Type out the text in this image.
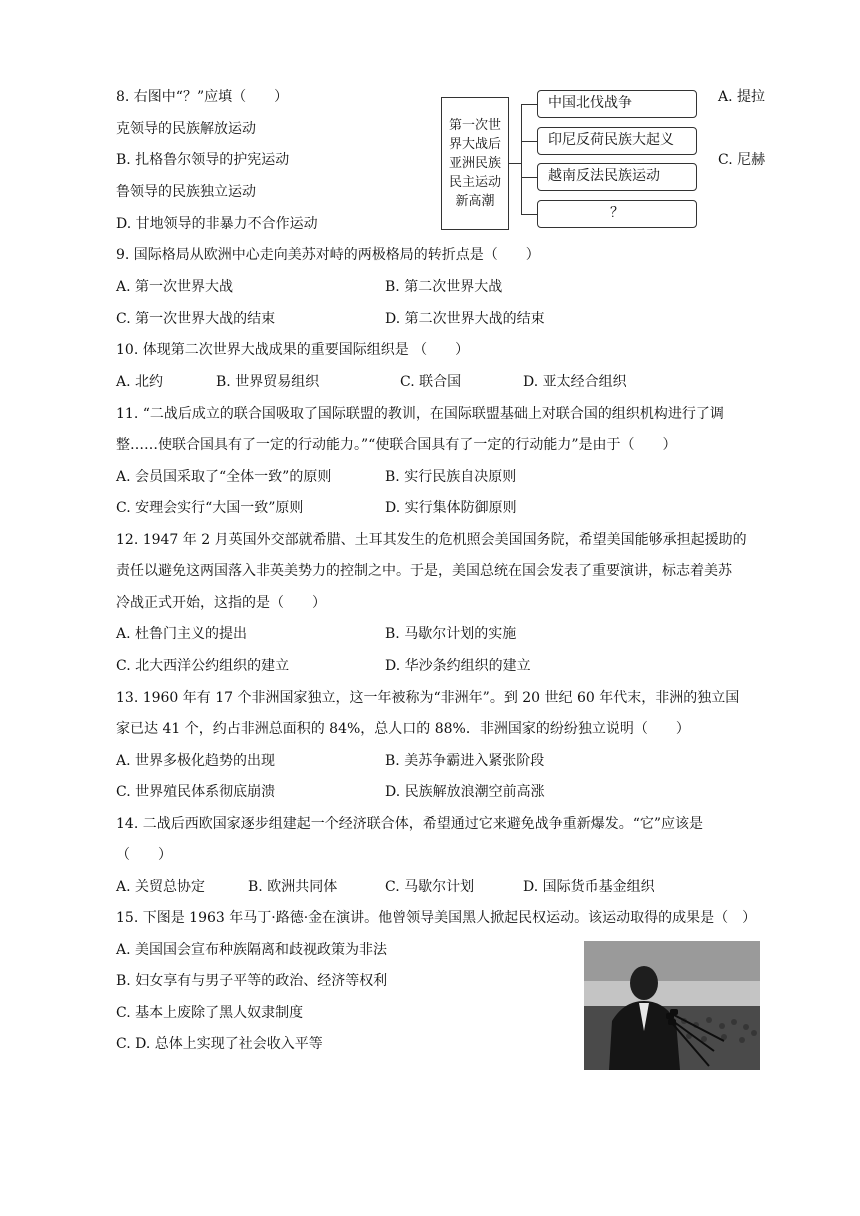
8. 右图中“？”应填（　　）	A. 提拉
克领导的民族解放运动
B. 扎格鲁尔领导的护宪运动	C. 尼赫
鲁领导的民族独立运动
D. 甘地领导的非暴力不合作运动
第一次世
界大战后
亚洲民族
民主运动
新高潮
中国北伐战争
印尼反荷民族大起义
越南反法民族运动
？
9. 国际格局从欧洲中心走向美苏对峙的两极格局的转折点是（　　）
A. 第一次世界大战	B. 第二次世界大战
C. 第一次世界大战的结束	D. 第二次世界大战的结束
10. 体现第二次世界大战成果的重要国际组织是 （　　）
A. 北约	B. 世界贸易组织	C. 联合国	D. 亚太经合组织
11. “二战后成立的联合国吸取了国际联盟的教训，在国际联盟基础上对联合国的组织机构进行了调
整……使联合国具有了一定的行动能力。”“使联合国具有了一定的行动能力”是由于（　　）
A. 会员国采取了“全体一致”的原则	B. 实行民族自决原则
C. 安理会实行“大国一致”原则	D. 实行集体防御原则
12. 1947 年 2 月英国外交部就希腊、土耳其发生的危机照会美国国务院，希望美国能够承担起援助的
责任以避免这两国落入非英美势力的控制之中。于是，美国总统在国会发表了重要演讲，标志着美苏
冷战正式开始，这指的是（　　）
A. 杜鲁门主义的提出	B. 马歇尔计划的实施
C. 北大西洋公约组织的建立	D. 华沙条约组织的建立
13. 1960 年有 17 个非洲国家独立，这一年被称为“非洲年”。到 20 世纪 60 年代末，非洲的独立国
家已达 41 个，约占非洲总面积的 84%，总人口的 88%．非洲国家的纷纷独立说明（　　）
A. 世界多极化趋势的出现	B. 美苏争霸进入紧张阶段
C. 世界殖民体系彻底崩溃	D. 民族解放浪潮空前高涨
14. 二战后西欧国家逐步组建起一个经济联合体，希望通过它来避免战争重新爆发。“它”应该是
（　　）
A. 关贸总协定	B. 欧洲共同体	C. 马歇尔计划	D. 国际货币基金组织
15. 下图是 1963 年马丁·路德·金在演讲。他曾领导美国黑人掀起民权运动。该运动取得的成果是（　）
A. 美国国会宣布种族隔离和歧视政策为非法
B. 妇女享有与男子平等的政治、经济等权利
C. 基本上废除了黑人奴隶制度
C. D. 总体上实现了社会收入平等
